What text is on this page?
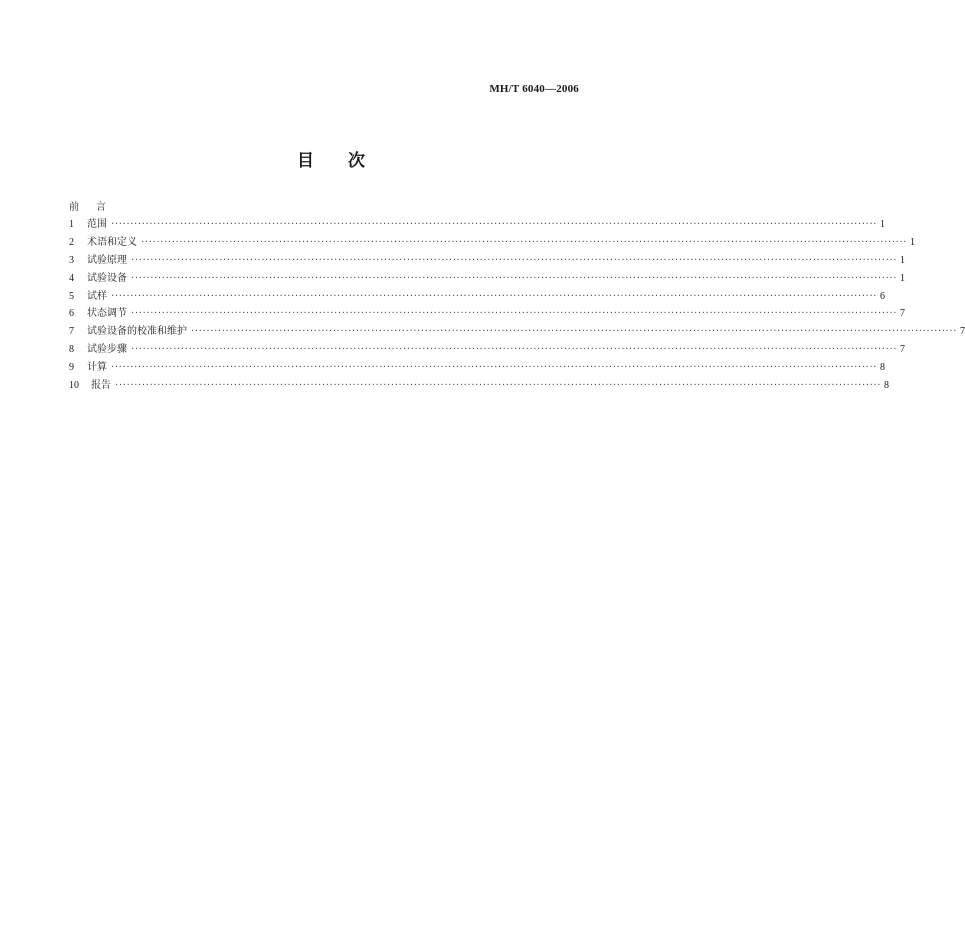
MH/T 6040—2006
目 次
前言
1	范围 ········································································································································································································ 1
2	术语和定义 ········································································································································································································ 1
3	试验原理 ········································································································································································································ 1
4	试验设备 ········································································································································································································ 1
5	试样 ········································································································································································································ 6
6	状态调节 ········································································································································································································ 7
7	试验设备的校准和维护 ········································································································································································································ 7
8	试验步骤 ········································································································································································································ 7
9	计算 ········································································································································································································ 8
10	报告 ········································································································································································································ 8
